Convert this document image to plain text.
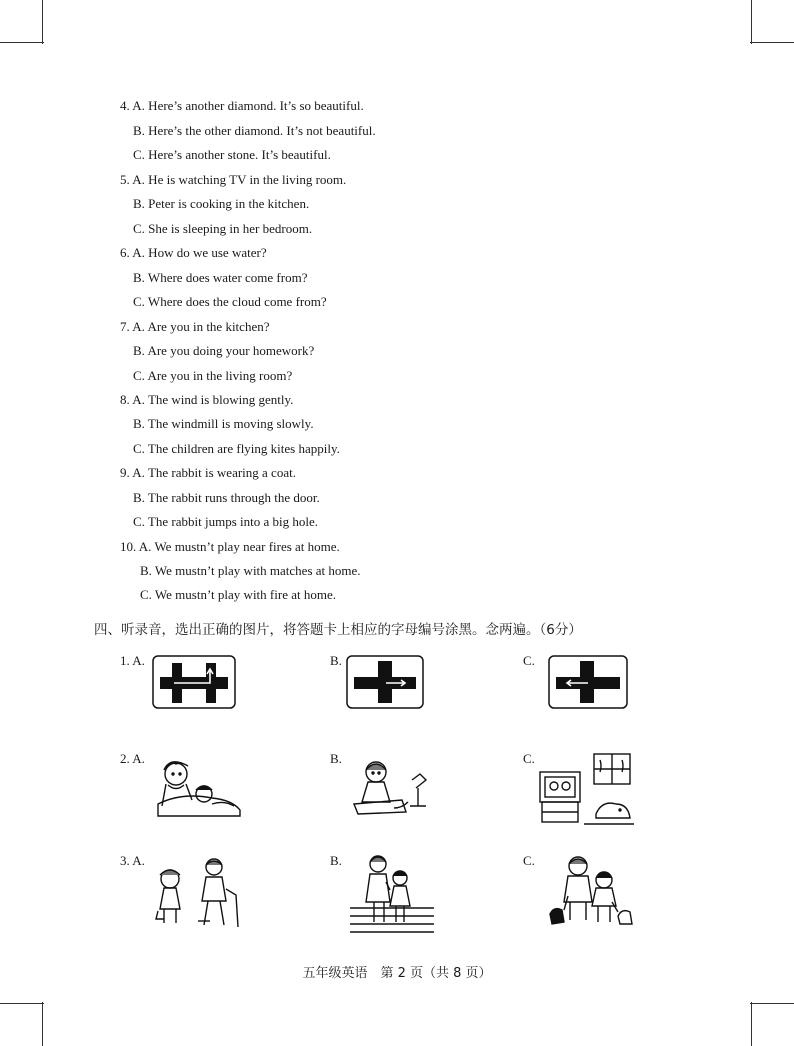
4. A. Here’s another diamond. It’s so beautiful.
B. Here’s the other diamond. It’s not beautiful.
C. Here’s another stone. It’s beautiful.
5. A. He is watching TV in the living room.
B. Peter is cooking in the kitchen.
C. She is sleeping in her bedroom.
6. A. How do we use water?
B. Where does water come from?
C. Where does the cloud come from?
7. A. Are you in the kitchen?
B. Are you doing your homework?
C. Are you in the living room?
8. A. The wind is blowing gently.
B. The windmill is moving slowly.
C. The children are flying kites happily.
9. A. The rabbit is wearing a coat.
B. The rabbit runs through the door.
C. The rabbit jumps into a big hole.
10. A. We mustn’t play near fires at home.
B. We mustn’t play with matches at home.
C. We mustn’t play with fire at home.
四、听录音，选出正确的图片，将答题卡上相应的字母编号涂黑。念两遍。（6分）
1. A.	B.	C.
2. A.	B.	C.
3. A.	B.	C.
五年级英语　第 2 页（共 8 页）
